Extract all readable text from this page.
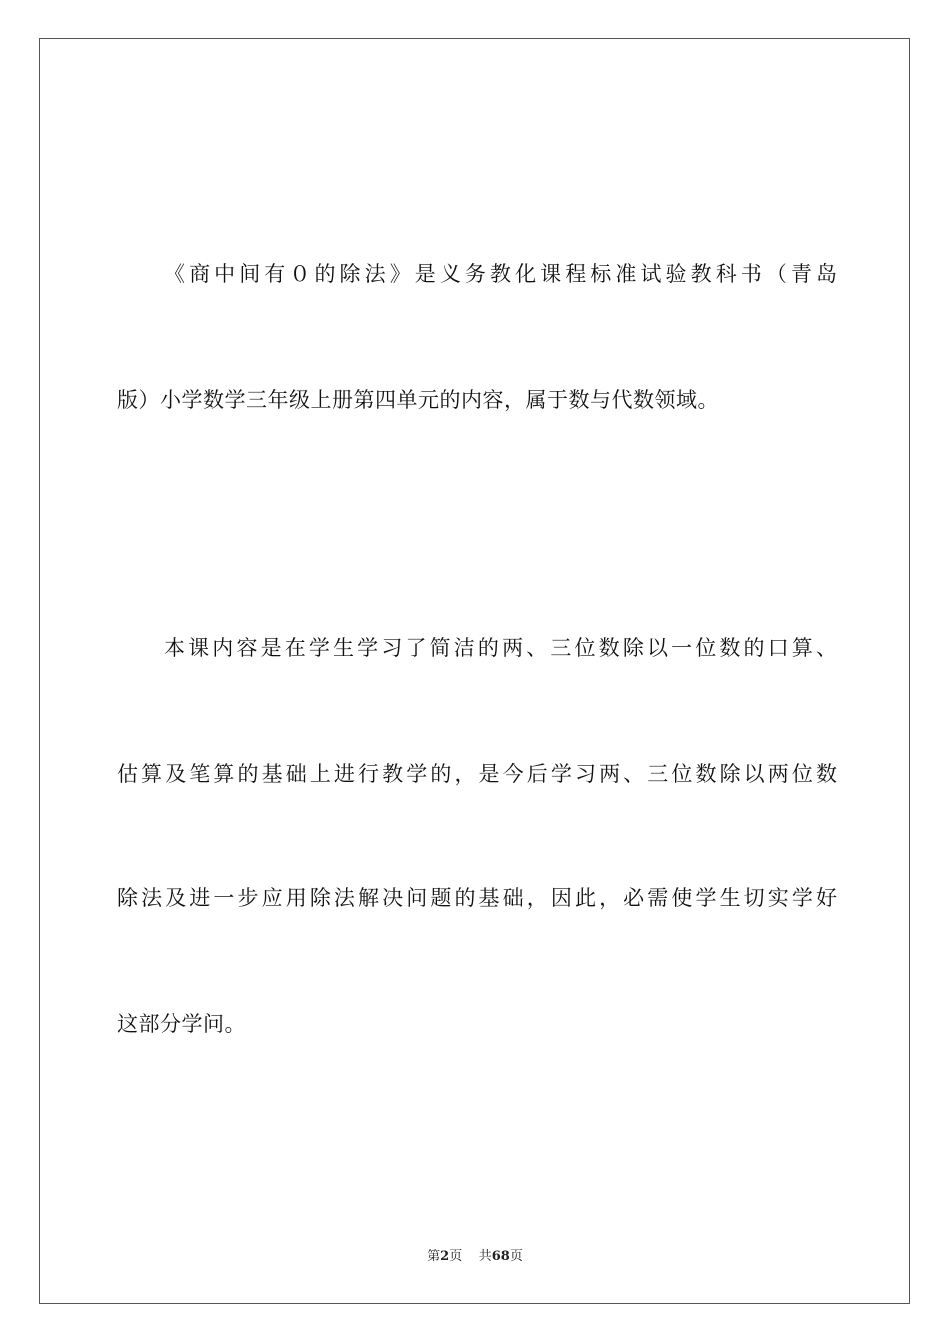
《商中间有０的除法》是义务教化课程标准试验教科书（青岛
版）小学数学三年级上册第四单元的内容，属于数与代数领域。
本课内容是在学生学习了简洁的两、三位数除以一位数的口算、
估算及笔算的基础上进行教学的，是今后学习两、三位数除以两位数
除法及进一步应用除法解决问题的基础，因此，必需使学生切实学好
这部分学问。
第2页 共68页
